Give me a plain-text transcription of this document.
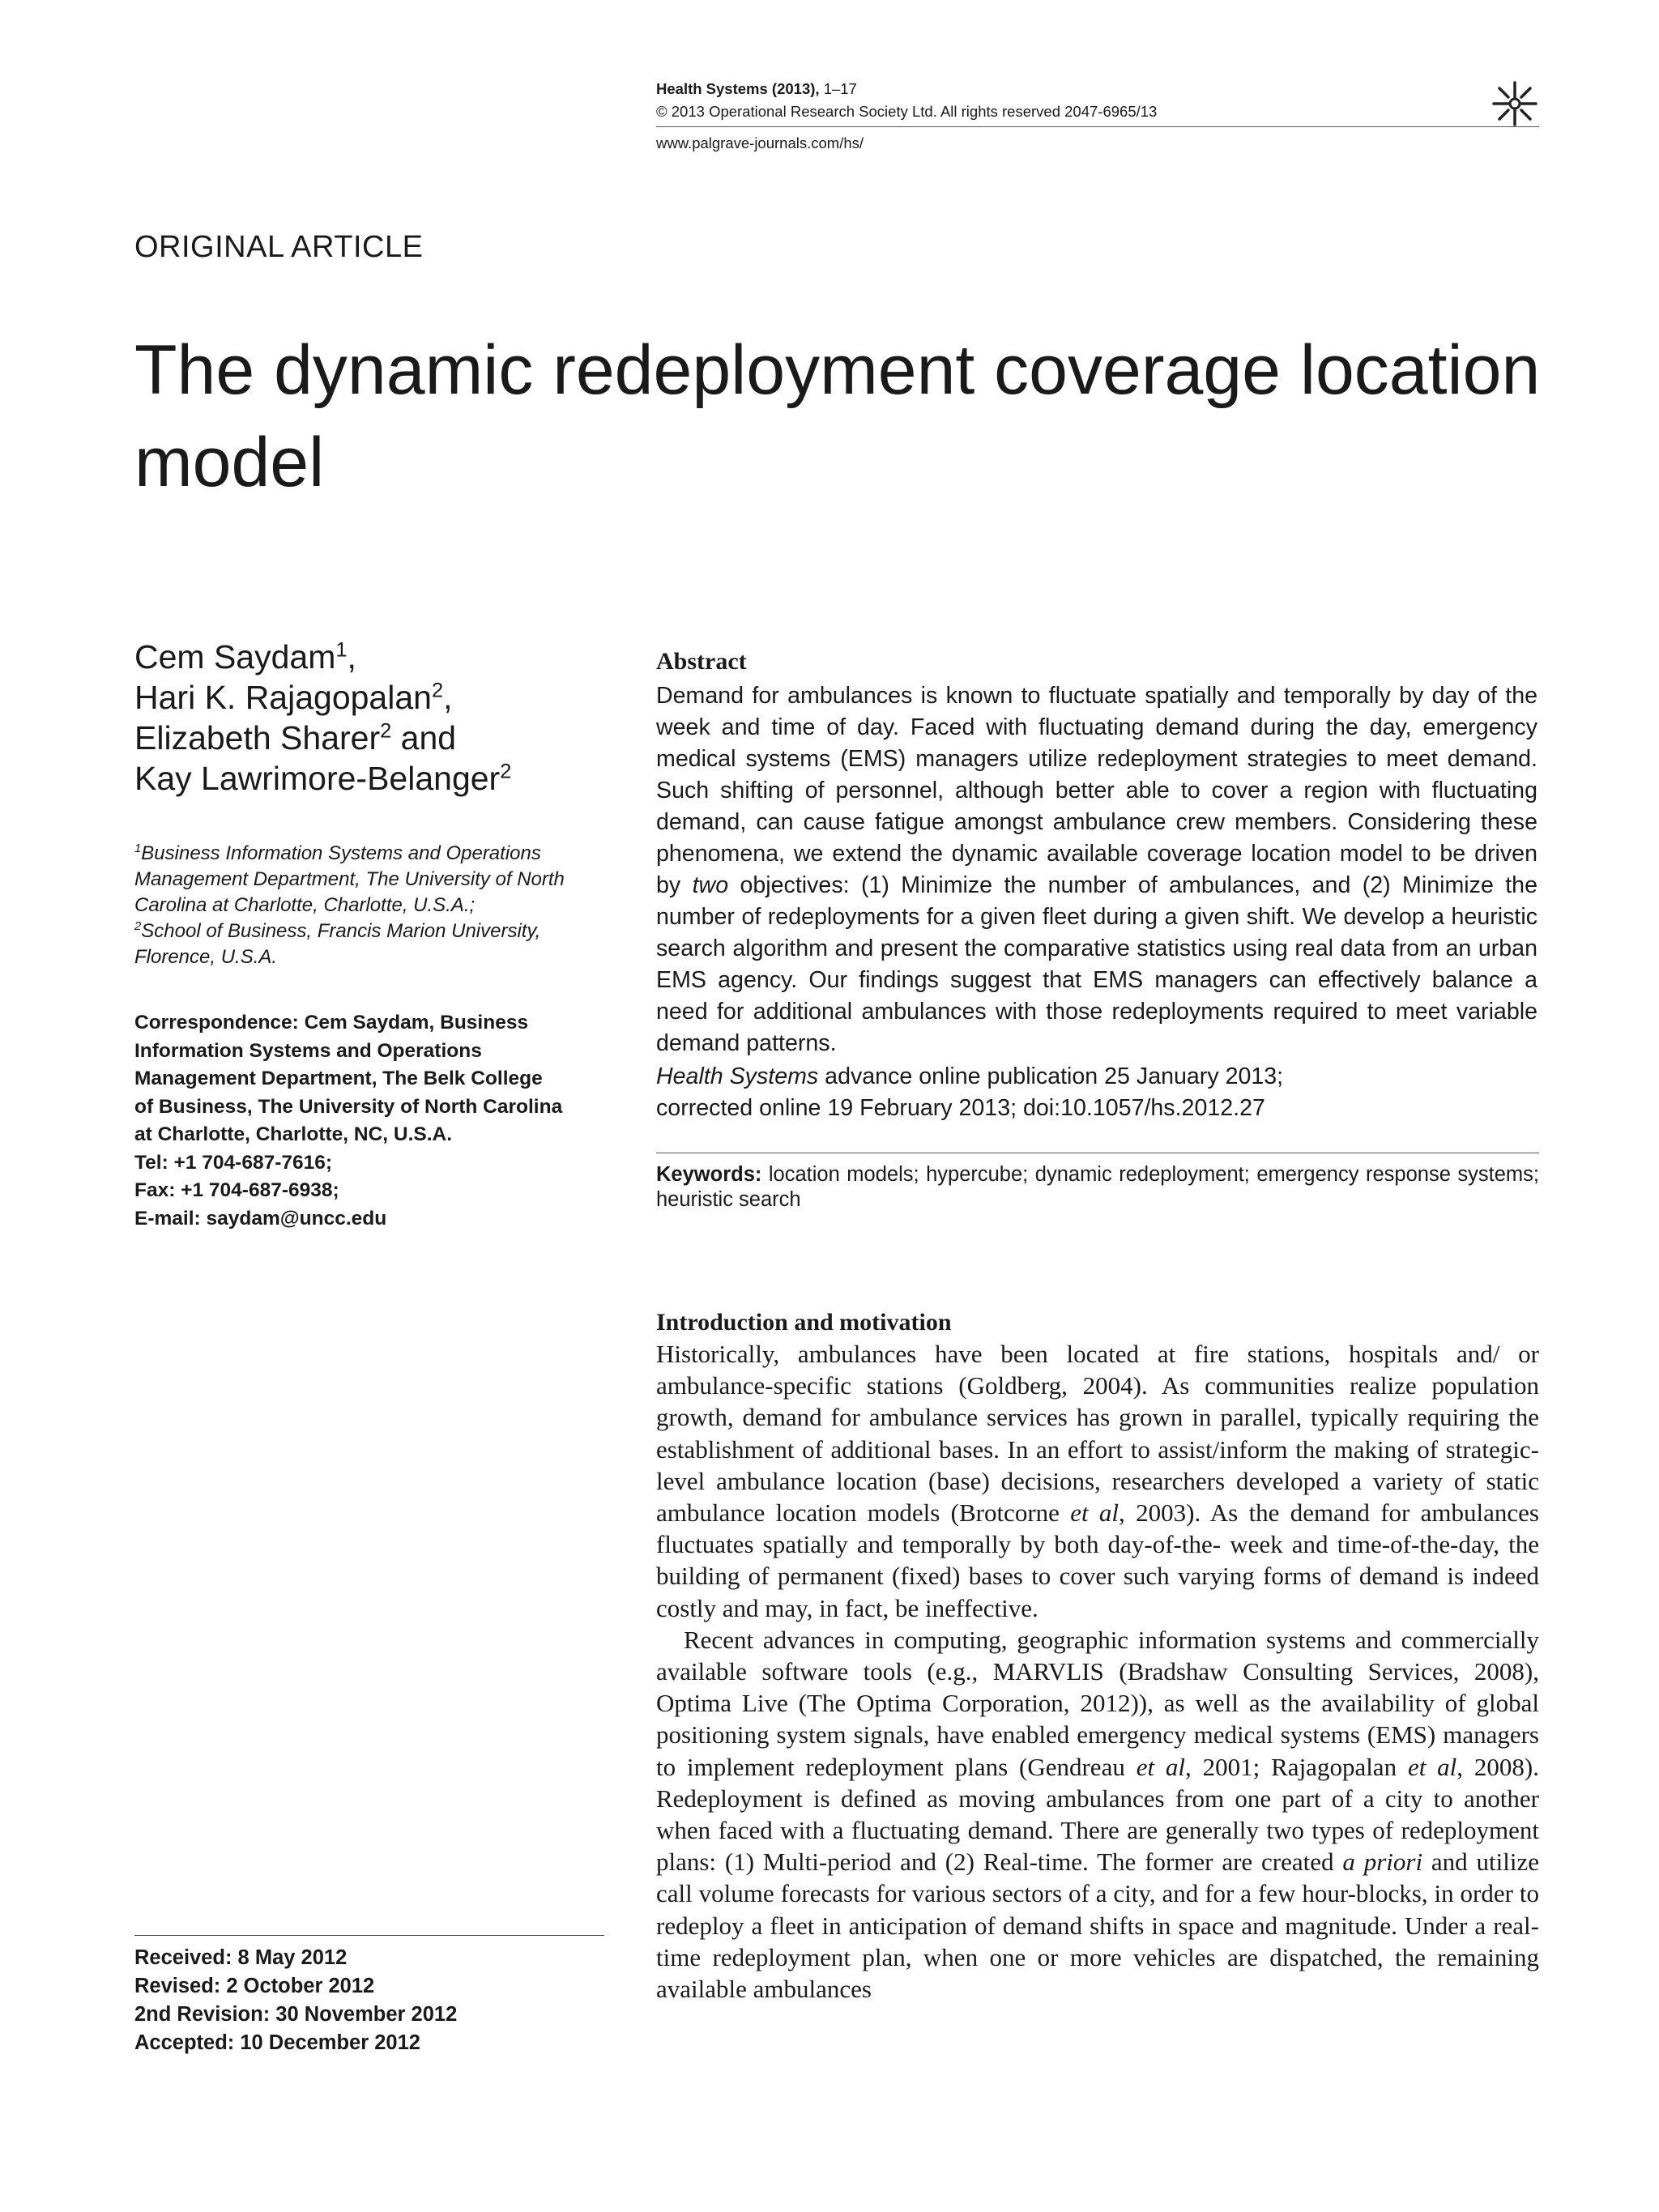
Health Systems (2013), 1–17
© 2013 Operational Research Society Ltd. All rights reserved 2047-6965/13
www.palgrave-journals.com/hs/
ORIGINAL ARTICLE
The dynamic redeployment coverage location model
Cem Saydam$^1$,
Hari K. Rajagopalan$^2$,
Elizabeth Sharer$^2$ and
Kay Lawrimore-Belanger$^2$

$^1$Business Information Systems and Operations Management Department, The University of North Carolina at Charlotte, Charlotte, U.S.A.;

$^2$School of Business, Francis Marion University, Florence, U.S.A.

Correspondence: Cem Saydam, Business
Information Systems and Operations
Management Department, The Belk College
of Business, The University of North Carolina
at Charlotte, Charlotte, NC, U.S.A.
Tel: +1 704-687-7616;
Fax: +1 704-687-6938;
E-mail: saydam@uncc.edu
Received: 8 May 2012
Revised: 2 October 2012
2nd Revision: 30 November 2012
Accepted: 10 December 2012
Abstract
Demand for ambulances is known to fluctuate spatially and temporally by day of the week and time of day. Faced with fluctuating demand during the day, emergency medical systems (EMS) managers utilize redeployment strategies to meet demand. Such shifting of personnel, although better able to cover a region with fluctuating demand, can cause fatigue amongst ambulance crew members. Considering these phenomena, we extend the dynamic available coverage location model to be driven by two objectives: (1) Minimize the number of ambulances, and (2) Minimize the number of redeployments for a given fleet during a given shift. We develop a heuristic search algorithm and present the comparative statistics using real data from an urban EMS agency. Our findings suggest that EMS managers can effectively balance a need for additional ambulances with those redeployments required to meet variable demand patterns.
Health Systems advance online publication 25 January 2013;
corrected online 19 February 2013; doi:10.1057/hs.2012.27
Keywords: location models; hypercube; dynamic redeployment; emergency response systems; heuristic search
Introduction and motivation

Historically, ambulances have been located at fire stations, hospitals and/ or ambulance-specific stations (Goldberg, 2004). As communities realize population growth, demand for ambulance services has grown in parallel, typically requiring the establishment of additional bases. In an effort to assist/inform the making of strategic-level ambulance location (base) decisions, researchers developed a variety of static ambulance location models (Brotcorne et al, 2003). As the demand for ambulances fluctuates spatially and temporally by both day-of-the- week and time-of-the-day, the building of permanent (fixed) bases to cover such varying forms of demand is indeed costly and may, in fact, be ineffective.

Recent advances in computing, geographic information systems and commercially available software tools (e.g., MARVLIS (Bradshaw Consulting Services, 2008), Optima Live (The Optima Corporation, 2012)), as well as the availability of global positioning system signals, have enabled emergency medical systems (EMS) managers to implement redeployment plans (Gendreau et al, 2001; Rajagopalan et al, 2008). Redeployment is defined as moving ambulances from one part of a city to another when faced with a fluctuating demand. There are generally two types of redeployment plans: (1) Multi-period and (2) Real-time. The former are created a priori and utilize call volume forecasts for various sectors of a city, and for a few hour-blocks, in order to redeploy a fleet in anticipation of demand shifts in space and magnitude. Under a real-time redeployment plan, when one or more vehicles are dispatched, the remaining available ambulances
